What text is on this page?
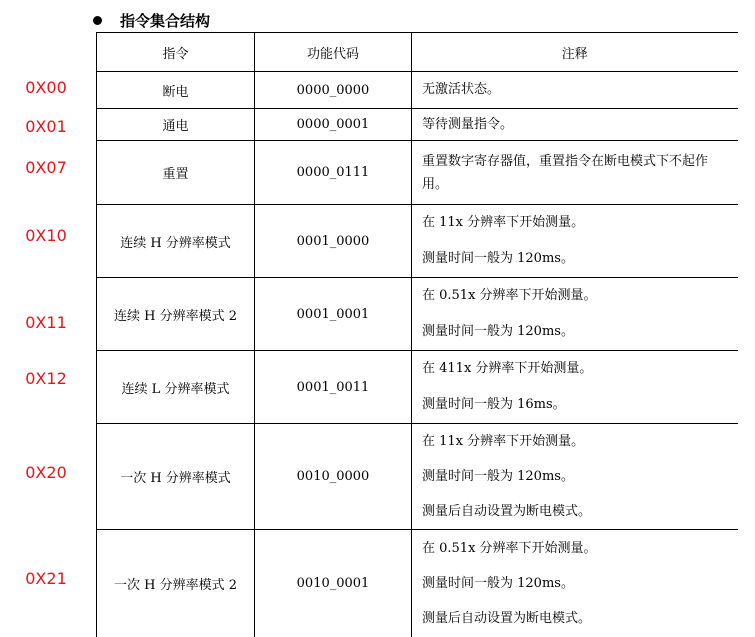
指令集合结构
0X00
0X01
0X07
0X10
0X11
0X12
0X20
0X21
指令	功能代码	注释
断电	0000_0000	无激活状态。

通电	0000_0001	等待测量指令。

重置	0000_0111	重置数字寄存器值，重置指令在断电模式下不起作用。

连续 H 分辨率模式	0001_0000	在 11x 分辨率下开始测量。
测量时间一般为 120ms。

连续 H 分辨率模式 2	0001_0001	在 0.51x 分辨率下开始测量。
测量时间一般为 120ms。

连续 L 分辨率模式	0001_0011	在 411x 分辨率下开始测量。
测量时间一般为 16ms。

一次 H 分辨率模式	0010_0000	在 11x 分辨率下开始测量。
测量时间一般为 120ms。
测量后自动设置为断电模式。

一次 H 分辨率模式 2	0010_0001	在 0.51x 分辨率下开始测量。
测量时间一般为 120ms。
测量后自动设置为断电模式。
